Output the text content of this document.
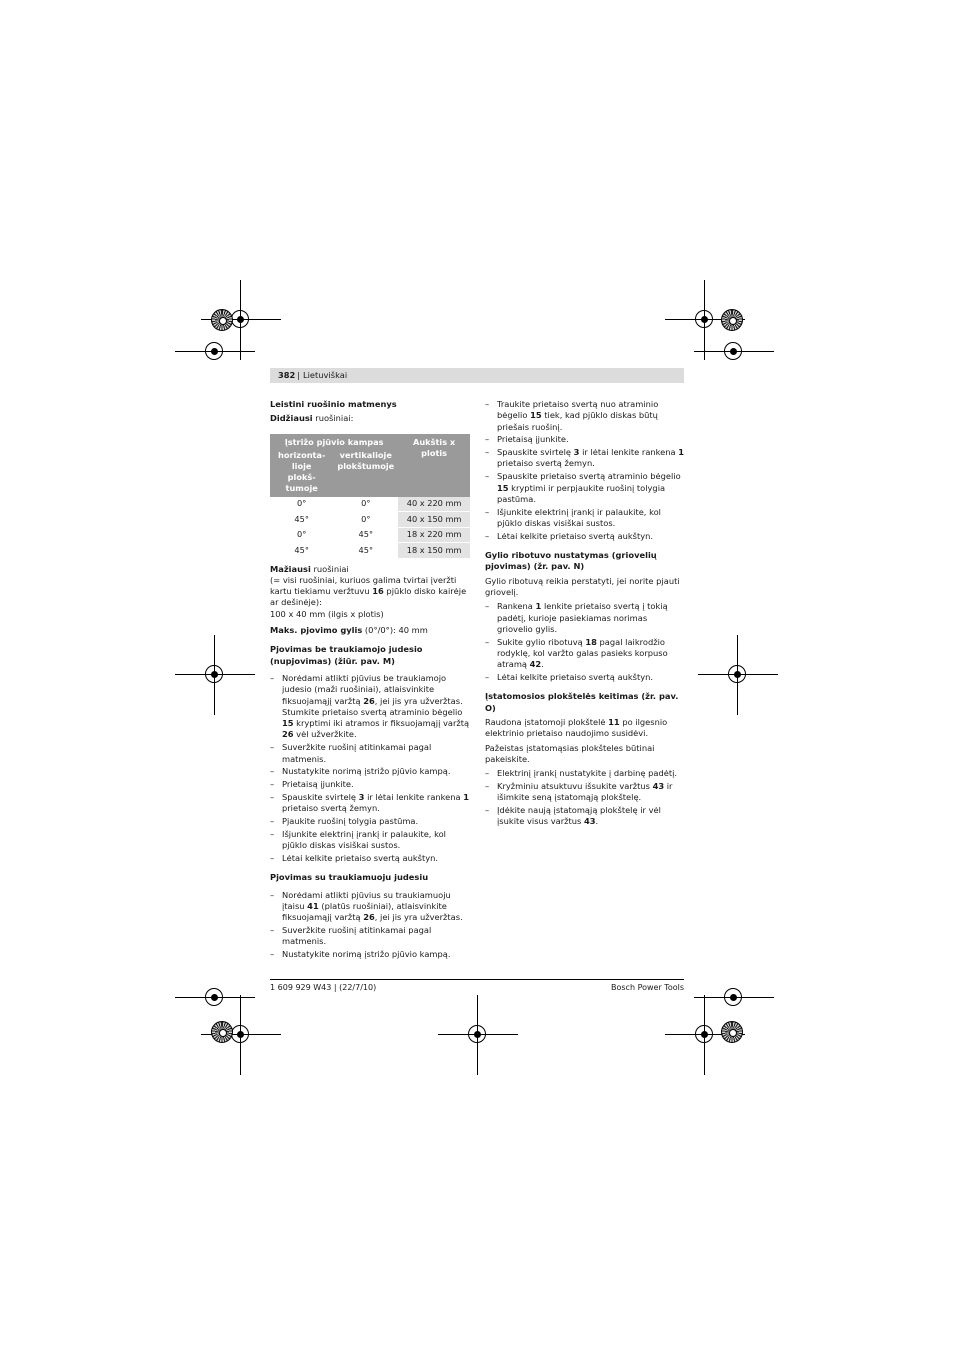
382 | Lietuviškai

Leistini ruošinio matmenys

Didžiausi ruošiniai:

Įstrižo pjūvio kampas		Aukštis x plotis
horizonta-lioje plokš-tumoje	vertikalioje plokštumoje	
0°	0°	40 x 220 mm
45°	0°	40 x 150 mm
0°	45°	18 x 220 mm
45°	45°	18 x 150 mm

Mažiausi ruošiniai
(= visi ruošiniai, kuriuos galima tvirtai įveržti kartu tiekiamu veržtuvu 16 pjūklo disko kairėje ar dešinėje):
100 x 40 mm (ilgis x plotis)

Maks. pjovimo gylis (0°/0°): 40 mm

Pjovimas be traukiamojo judesio (nupjovimas) (žiūr. pav. M)

– Norėdami atlikti pjūvius be traukiamojo judesio (maži ruošiniai), atlaisvinkite fiksuojamąjį varžtą 26, jei jis yra užveržtas. Stumkite prietaiso svertą atraminio bėgelio 15 kryptimi iki atramos ir fiksuojamąjį varžtą 26 vėl užveržkite.
– Suveržkite ruošinį atitinkamai pagal matmenis.
– Nustatykite norimą įstrižo pjūvio kampą.
– Prietaisą įjunkite.
– Spauskite svirtelę 3 ir lėtai lenkite rankena 1 prietaiso svertą žemyn.
– Pjaukite ruošinį tolygia pastūma.
– Išjunkite elektrinį įrankį ir palaukite, kol pjūklo diskas visiškai sustos.
– Lėtai kelkite prietaiso svertą aukštyn.

Pjovimas su traukiamuoju judesiu

– Norėdami atlikti pjūvius su traukiamuoju įtaisu 41 (platūs ruošiniai), atlaisvinkite fiksuojamąjį varžtą 26, jei jis yra užveržtas.
– Suveržkite ruošinį atitinkamai pagal matmenis.
– Nustatykite norimą įstrižo pjūvio kampą.
– Traukite prietaiso svertą nuo atraminio bėgelio 15 tiek, kad pjūklo diskas būtų priešais ruošinį.
– Prietaisą įjunkite.
– Spauskite svirtelę 3 ir lėtai lenkite rankena 1 prietaiso svertą žemyn.
– Spauskite prietaiso svertą atraminio bėgelio 15 kryptimi ir perpjaukite ruošinį tolygia pastūma.
– Išjunkite elektrinį įrankį ir palaukite, kol pjūklo diskas visiškai sustos.
– Lėtai kelkite prietaiso svertą aukštyn.

Gylio ribotuvo nustatymas (griovelių pjovimas) (žr. pav. N)

Gylio ribotuvą reikia perstatyti, jei norite pjauti griovelį.

– Rankena 1 lenkite prietaiso svertą į tokią padėtį, kurioje pasiekiamas norimas griovelio gylis.
– Sukite gylio ribotuvą 18 pagal laikrodžio rodyklę, kol varžto galas pasieks korpuso atramą 42.
– Lėtai kelkite prietaiso svertą aukštyn.

Įstatomosios plokštelės keitimas (žr. pav. O)

Raudona įstatomoji plokštelė 11 po ilgesnio elektrinio prietaiso naudojimo susidėvi.

Pažeistas įstatomąsias plokšteles būtinai pakeiskite.

– Elektrinį įrankį nustatykite į darbinę padėtį.
– Kryžminiu atsuktuvu išsukite varžtus 43 ir išimkite seną įstatomąją plokštelę.
– Įdėkite naują įstatomąją plokštelę ir vėl įsukite visus varžtus 43.
1 609 929 W43 | (22/7/10)	Bosch Power Tools
